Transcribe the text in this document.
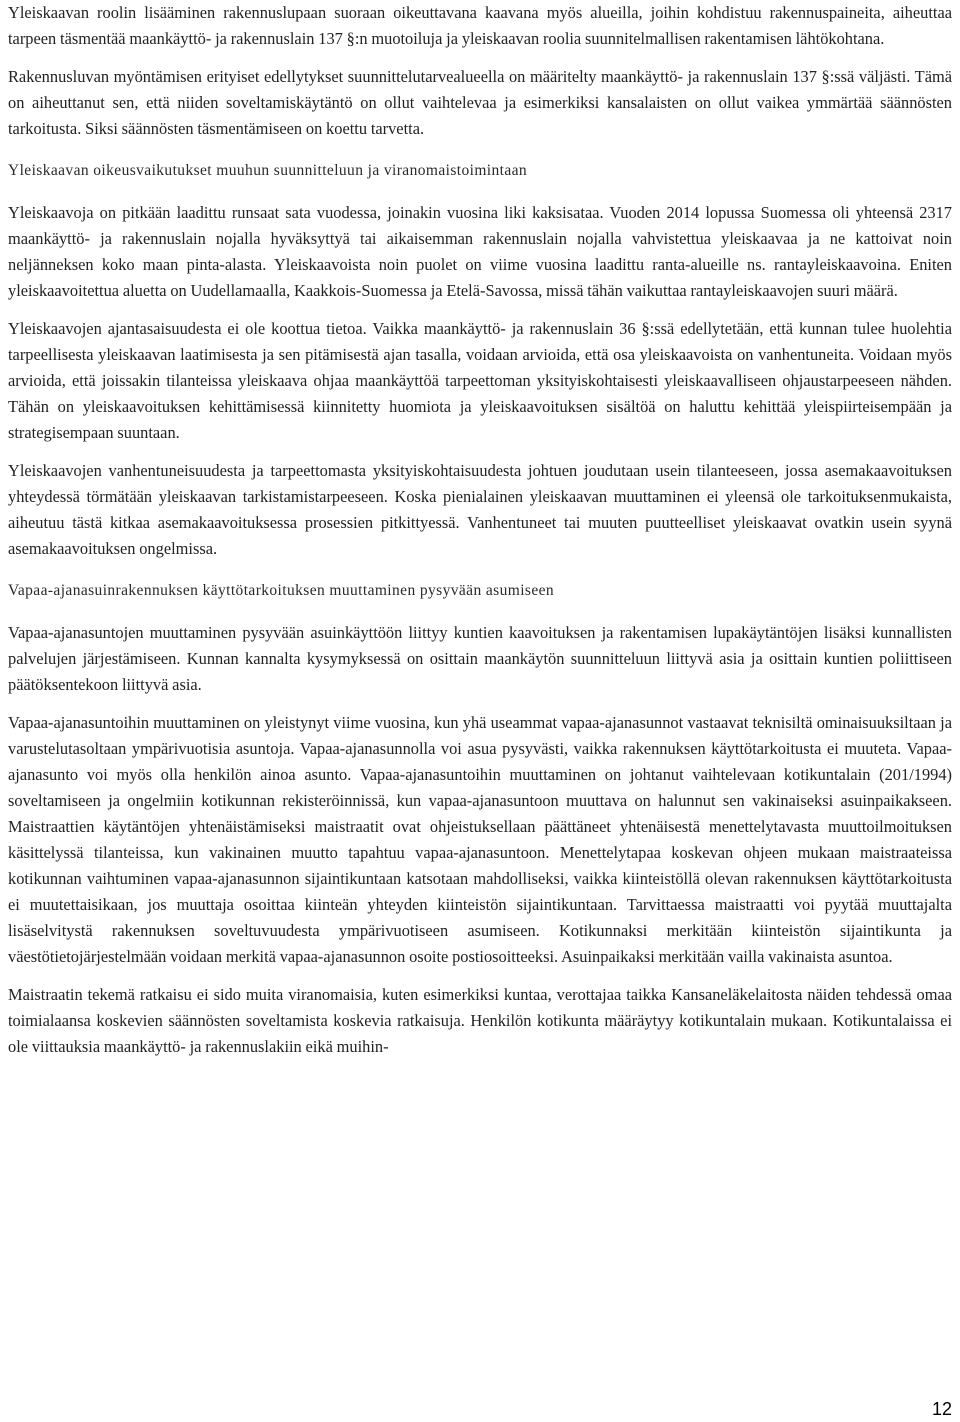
Yleiskaavan roolin lisääminen rakennuslupaan suoraan oikeuttavana kaavana myös alueilla, joihin kohdistuu rakennuspaineita, aiheuttaa tarpeen täsmentää maankäyttö- ja rakennuslain 137 §:n muotoiluja ja yleiskaavan roolia suunnitelmallisen rakentamisen lähtökohtana.

Rakennusluvan myöntämisen erityiset edellytykset suunnittelutarvealueella on määritelty maankäyttö- ja rakennuslain 137 §:ssä väljästi. Tämä on aiheuttanut sen, että niiden soveltamiskäytäntö on ollut vaihtelevaa ja esimerkiksi kansalaisten on ollut vaikea ymmärtää säännösten tarkoitusta. Siksi säännösten täsmentämiseen on koettu tarvetta.

Yleiskaavan oikeusvaikutukset muuhun suunnitteluun ja viranomaistoimintaan

Yleiskaavoja on pitkään laadittu runsaat sata vuodessa, joinakin vuosina liki kaksisataa. Vuoden 2014 lopussa Suomessa oli yhteensä 2317 maankäyttö- ja rakennuslain nojalla hyväksyttyä tai aikaisemman rakennuslain nojalla vahvistettua yleiskaavaa ja ne kattoivat noin neljänneksen koko maan pinta-alasta. Yleiskaavoista noin puolet on viime vuosina laadittu ranta-alueille ns. rantayleiskaavoina. Eniten yleiskaavoitettua aluetta on Uudellamaalla, Kaakkois-Suomessa ja Etelä-Savossa, missä tähän vaikuttaa rantayleiskaavojen suuri määrä.

Yleiskaavojen ajantasaisuudesta ei ole koottua tietoa. Vaikka maankäyttö- ja rakennuslain 36 §:ssä edellytetään, että kunnan tulee huolehtia tarpeellisesta yleiskaavan laatimisesta ja sen pitämisestä ajan tasalla, voidaan arvioida, että osa yleiskaavoista on vanhentuneita. Voidaan myös arvioida, että joissakin tilanteissa yleiskaava ohjaa maankäyttöä tarpeettoman yksityiskohtaisesti yleiskaavalliseen ohjaustarpeeseen nähden. Tähän on yleiskaavoituksen kehittämisessä kiinnitetty huomiota ja yleiskaavoituksen sisältöä on haluttu kehittää yleispiirteisempään ja strategisempaan suuntaan.

Yleiskaavojen vanhentuneisuudesta ja tarpeettomasta yksityiskohtaisuudesta johtuen joudutaan usein tilanteeseen, jossa asemakaavoituksen yhteydessä törmätään yleiskaavan tarkistamistarpeeseen. Koska pienialainen yleiskaavan muuttaminen ei yleensä ole tarkoituksenmukaista, aiheutuu tästä kitkaa asemakaavoituksessa prosessien pitkittyessä. Vanhentuneet tai muuten puutteelliset yleiskaavat ovatkin usein syynä asemakaavoituksen ongelmissa.

Vapaa-ajanasuinrakennuksen käyttötarkoituksen muuttaminen pysyvään asumiseen

Vapaa-ajanasuntojen muuttaminen pysyvään asuinkäyttöön liittyy kuntien kaavoituksen ja rakentamisen lupakäytäntöjen lisäksi kunnallisten palvelujen järjestämiseen. Kunnan kannalta kysymyksessä on osittain maankäytön suunnitteluun liittyvä asia ja osittain kuntien poliittiseen päätöksentekoon liittyvä asia.

Vapaa-ajanasuntoihin muuttaminen on yleistynyt viime vuosina, kun yhä useammat vapaa-ajanasunnot vastaavat teknisiltä ominaisuuksiltaan ja varustelutasoltaan ympärivuotisia asuntoja. Vapaa-ajanasunnolla voi asua pysyvästi, vaikka rakennuksen käyttötarkoitusta ei muuteta. Vapaa-ajanasunto voi myös olla henkilön ainoa asunto. Vapaa-ajanasuntoihin muuttaminen on johtanut vaihtelevaan kotikuntalain (201/1994) soveltamiseen ja ongelmiin kotikunnan rekisteröinnissä, kun vapaa-ajanasuntoon muuttava on halunnut sen vakinaiseksi asuinpaikakseen. Maistraattien käytäntöjen yhtenäistämiseksi maistraatit ovat ohjeistuksellaan päättäneet yhtenäisestä menettelytavasta muuttoilmoituksen käsittelyssä tilanteissa, kun vakinainen muutto tapahtuu vapaa-ajanasuntoon. Menettelytapaa koskevan ohjeen mukaan maistraateissa kotikunnan vaihtuminen vapaa-ajanasunnon sijaintikuntaan katsotaan mahdolliseksi, vaikka kiinteistöllä olevan rakennuksen käyttötarkoitusta ei muutettaisikaan, jos muuttaja osoittaa kiinteän yhteyden kiinteistön sijaintikuntaan. Tarvittaessa maistraatti voi pyytää muuttajalta lisäselvitystä rakennuksen soveltuvuudesta ympärivuotiseen asumiseen. Kotikunnaksi merkitään kiinteistön sijaintikunta ja väestötietojärjestelmään voidaan merkitä vapaa-ajanasunnon osoite postiosoitteeksi. Asuinpaikaksi merkitään vailla vakinaista asuntoa.

Maistraatin tekemä ratkaisu ei sido muita viranomaisia, kuten esimerkiksi kuntaa, verottajaa taikka Kansaneläkelaitosta näiden tehdessä omaa toimialaansa koskevien säännösten soveltamista koskevia ratkaisuja. Henkilön kotikunta määräytyy kotikuntalain mukaan. Kotikuntalaissa ei ole viittauksia maankäyttö- ja rakennuslakiin eikä muihin-

12
